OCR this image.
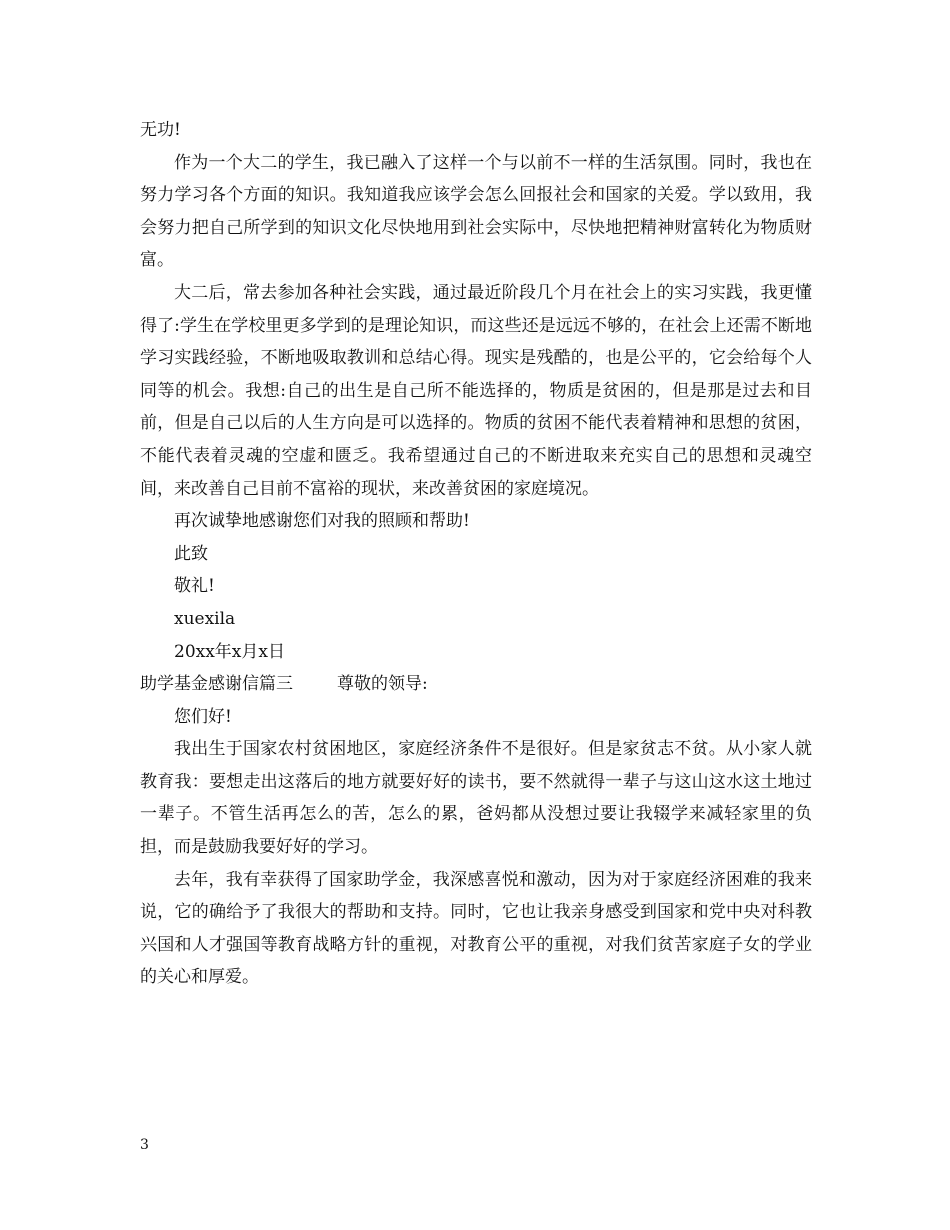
无功!

作为一个大二的学生，我已融入了这样一个与以前不一样的生活氛围。同时，我也在努力学习各个方面的知识。我知道我应该学会怎么回报社会和国家的关爱。学以致用，我会努力把自己所学到的知识文化尽快地用到社会实际中，尽快地把精神财富转化为物质财富。

大二后，常去参加各种社会实践，通过最近阶段几个月在社会上的实习实践，我更懂得了:学生在学校里更多学到的是理论知识，而这些还是远远不够的，在社会上还需不断地学习实践经验，不断地吸取教训和总结心得。现实是残酷的，也是公平的，它会给每个人同等的机会。我想:自己的出生是自己所不能选择的，物质是贫困的，但是那是过去和目前，但是自己以后的人生方向是可以选择的。物质的贫困不能代表着精神和思想的贫困，不能代表着灵魂的空虚和匮乏。我希望通过自己的不断进取来充实自己的思想和灵魂空间，来改善自己目前不富裕的现状，来改善贫困的家庭境况。

再次诚挚地感谢您们对我的照顾和帮助!

此致

敬礼!

xuexila

20xx年x月x日

助学基金感谢信篇三	尊敬的领导:

您们好!

我出生于国家农村贫困地区，家庭经济条件不是很好。但是家贫志不贫。从小家人就教育我：要想走出这落后的地方就要好好的读书，要不然就得一辈子与这山这水这土地过一辈子。不管生活再怎么的苦，怎么的累，爸妈都从没想过要让我辍学来减轻家里的负担，而是鼓励我要好好的学习。

去年，我有幸获得了国家助学金，我深感喜悦和激动，因为对于家庭经济困难的我来说，它的确给予了我很大的帮助和支持。同时，它也让我亲身感受到国家和党中央对科教兴国和人才强国等教育战略方针的重视，对教育公平的重视，对我们贫苦家庭子女的学业的关心和厚爱。

3
